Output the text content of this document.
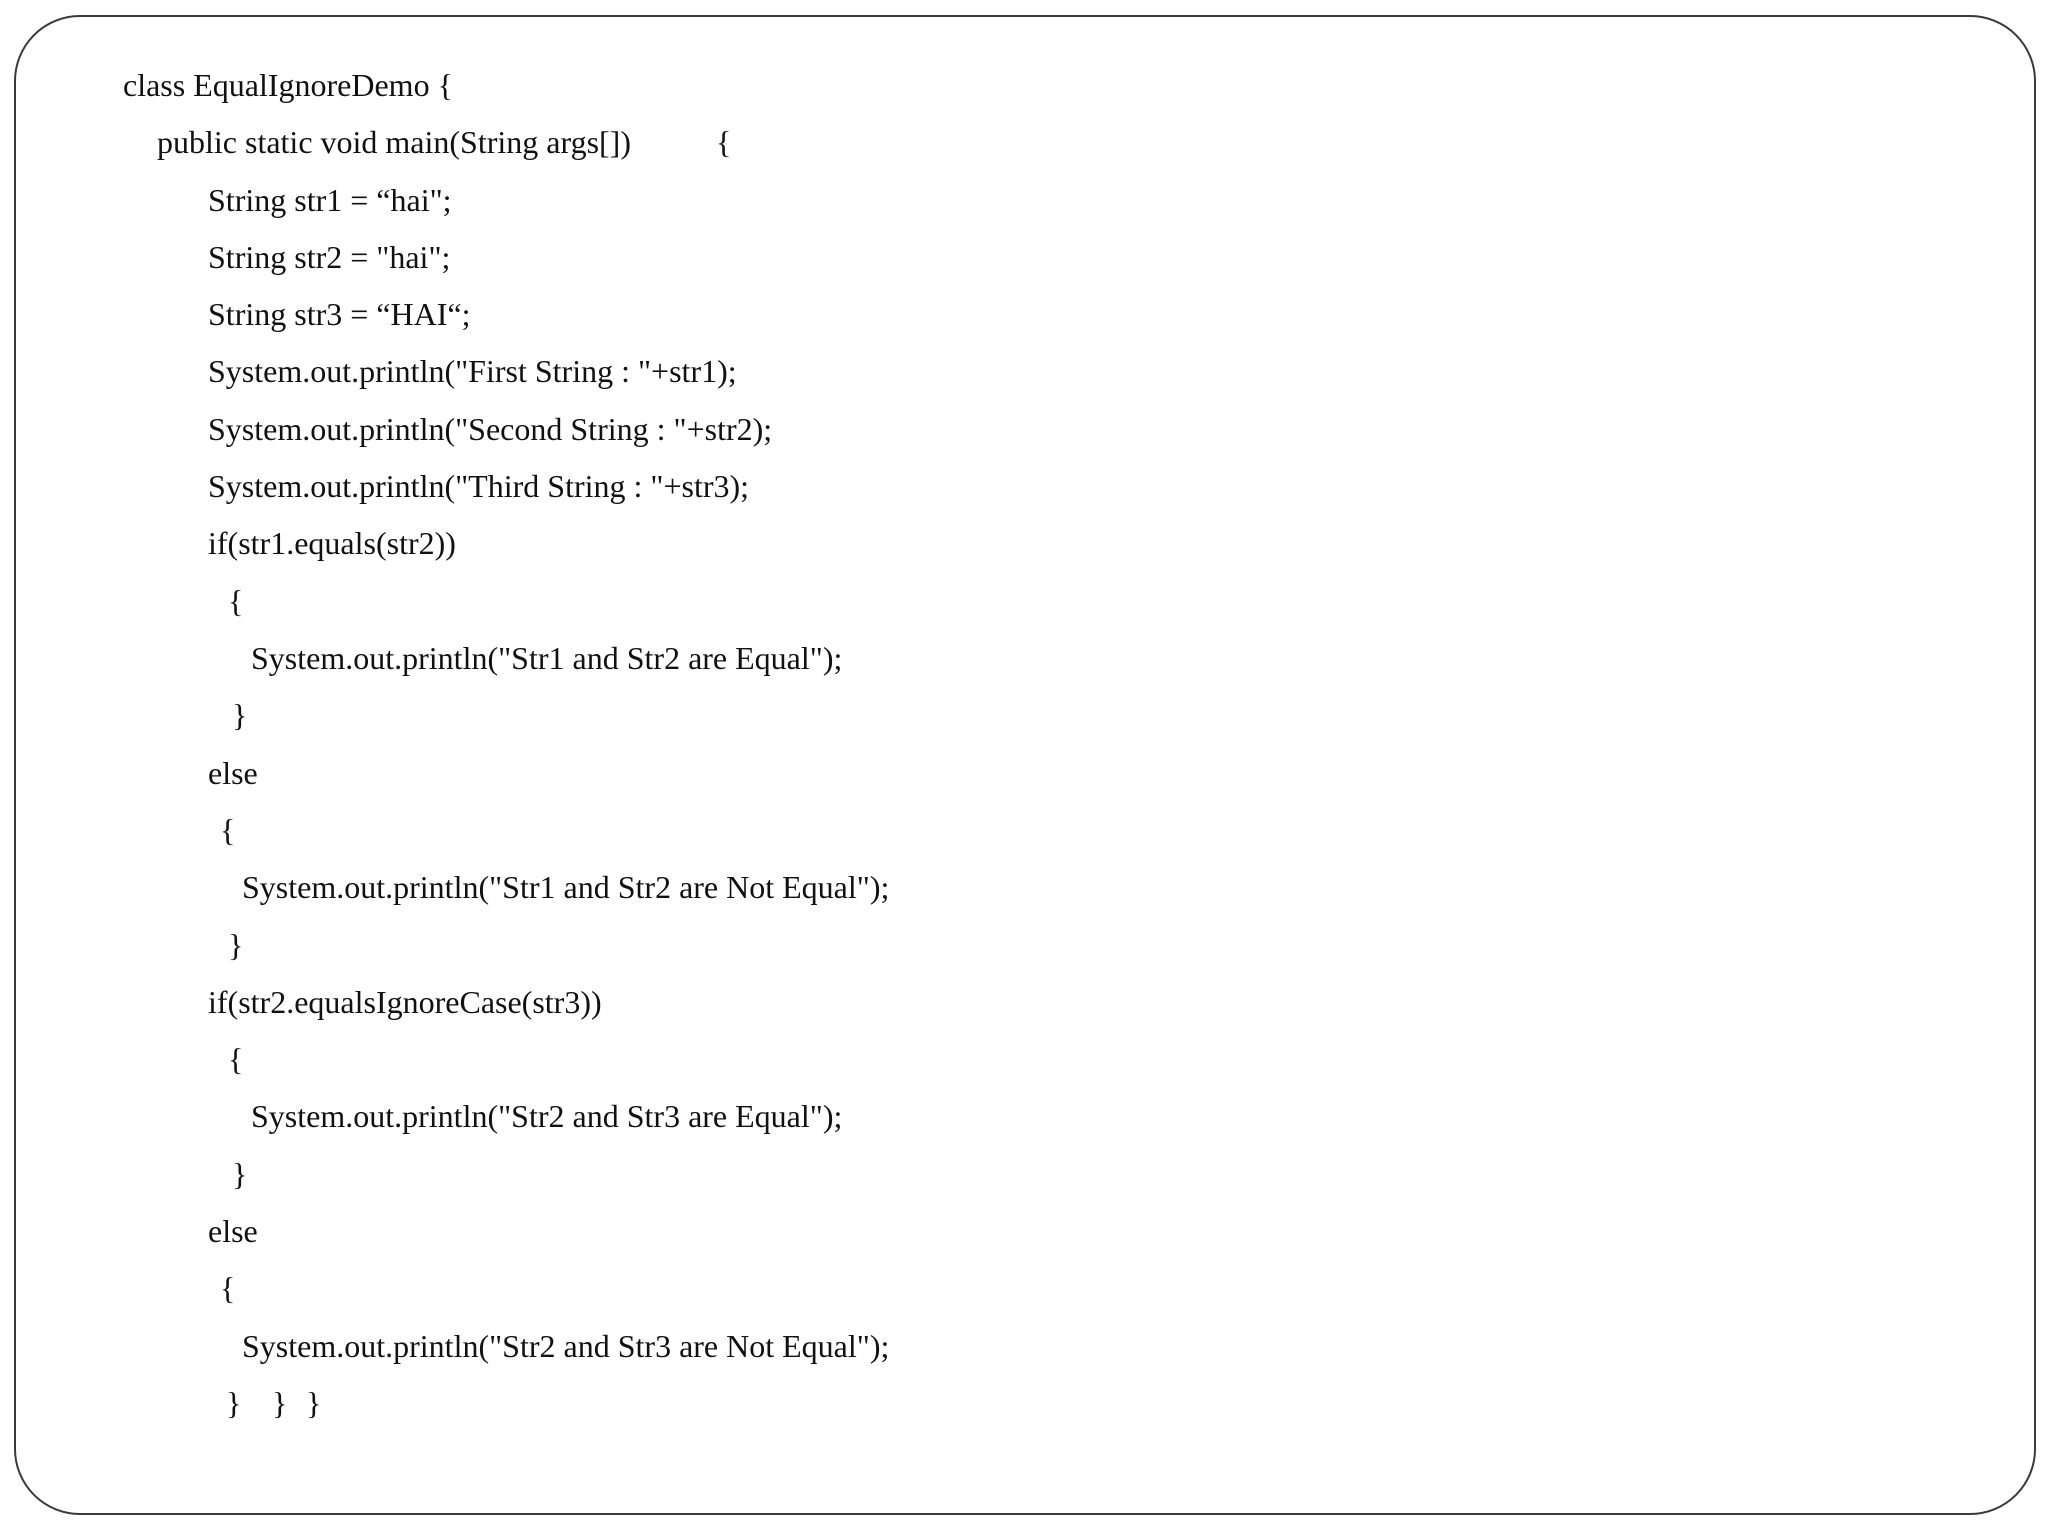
class EqualIgnoreDemo {
public static void main(String args[])	{
String str1 = “hai";
String str2 = "hai";
String str3 = “HAI“;
System.out.println("First String : "+str1);
System.out.println("Second String : "+str2);
System.out.println("Third String : "+str3);
if(str1.equals(str2))
{
System.out.println("Str1 and Str2 are Equal");
}
else
{
System.out.println("Str1 and Str2 are Not Equal");
}
if(str2.equalsIgnoreCase(str3))
{
System.out.println("Str2 and Str3 are Equal");
}
else
{
System.out.println("Str2 and Str3 are Not Equal");
} } }
